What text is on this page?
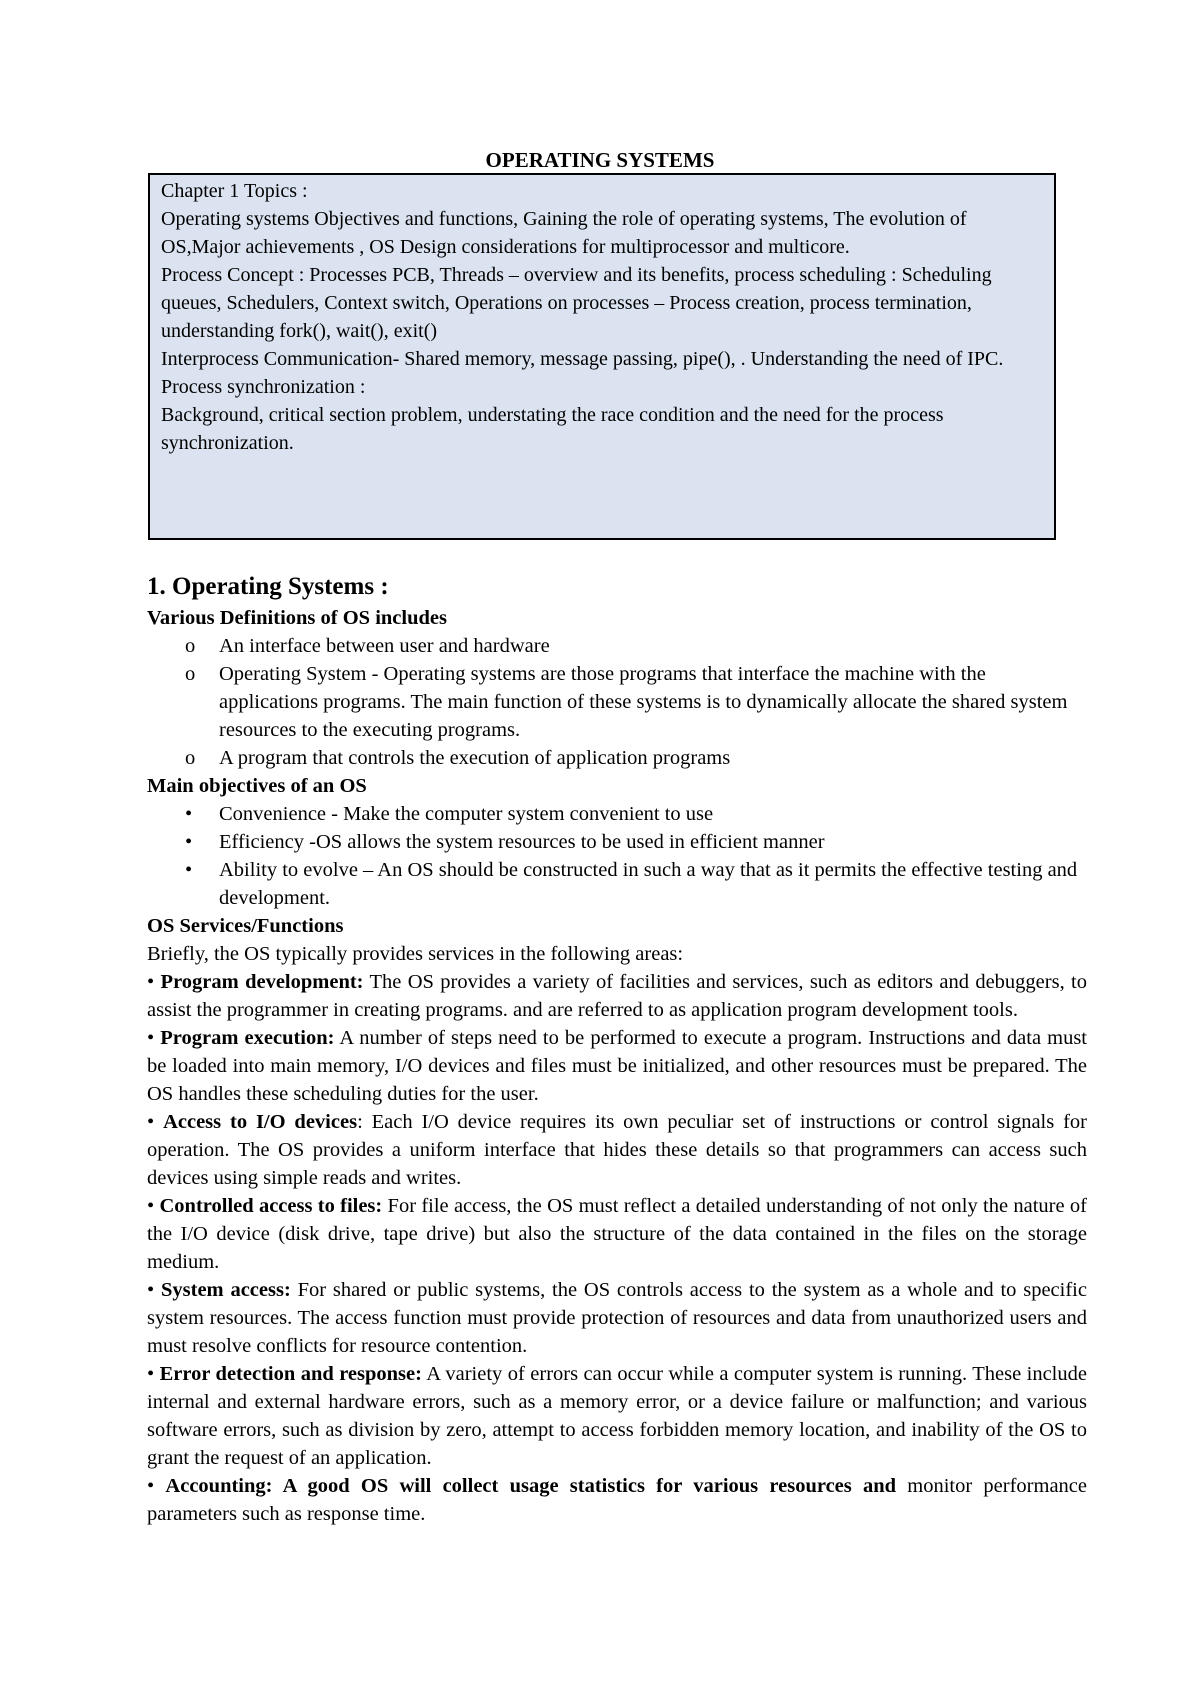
OPERATING SYSTEMS

Chapter 1 Topics :

Operating systems Objectives and functions, Gaining the role of operating systems, The evolution of OS,Major achievements , OS Design considerations for multiprocessor and multicore.

Process Concept : Processes PCB, Threads – overview and its benefits, process scheduling : Scheduling queues, Schedulers, Context switch, Operations on processes – Process creation, process termination, understanding fork(), wait(), exit()

Interprocess Communication- Shared memory, message passing, pipe(), . Understanding the need of IPC.

Process synchronization :

Background, critical section problem, understating the race condition and the need for the process synchronization.

1. Operating Systems :

Various Definitions of OS includes

o An interface between user and hardware
o Operating System - Operating systems are those programs that interface the machine with the applications programs. The main function of these systems is to dynamically allocate the shared system resources to the executing programs.
o A program that controls the execution of application programs

Main objectives of an OS

• Convenience - Make the computer system convenient to use
• Efficiency -OS allows the system resources to be used in efficient manner
• Ability to evolve – An OS should be constructed in such a way that as it permits the effective testing and development.

OS Services/Functions

Briefly, the OS typically provides services in the following areas:

• Program development: The OS provides a variety of facilities and services, such as editors and debuggers, to assist the programmer in creating programs. and are referred to as application program development tools.

• Program execution: A number of steps need to be performed to execute a program. Instructions and data must be loaded into main memory, I/O devices and files must be initialized, and other resources must be prepared. The OS handles these scheduling duties for the user.

• Access to I/O devices: Each I/O device requires its own peculiar set of instructions or control signals for operation. The OS provides a uniform interface that hides these details so that programmers can access such devices using simple reads and writes.

• Controlled access to files: For file access, the OS must reflect a detailed understanding of not only the nature of the I/O device (disk drive, tape drive) but also the structure of the data contained in the files on the storage medium.

• System access: For shared or public systems, the OS controls access to the system as a whole and to specific system resources. The access function must provide protection of resources and data from unauthorized users and must resolve conflicts for resource contention.

• Error detection and response: A variety of errors can occur while a computer system is running. These include internal and external hardware errors, such as a memory error, or a device failure or malfunction; and various software errors, such as division by zero, attempt to access forbidden memory location, and inability of the OS to grant the request of an application.

• Accounting: A good OS will collect usage statistics for various resources and monitor performance parameters such as response time.
